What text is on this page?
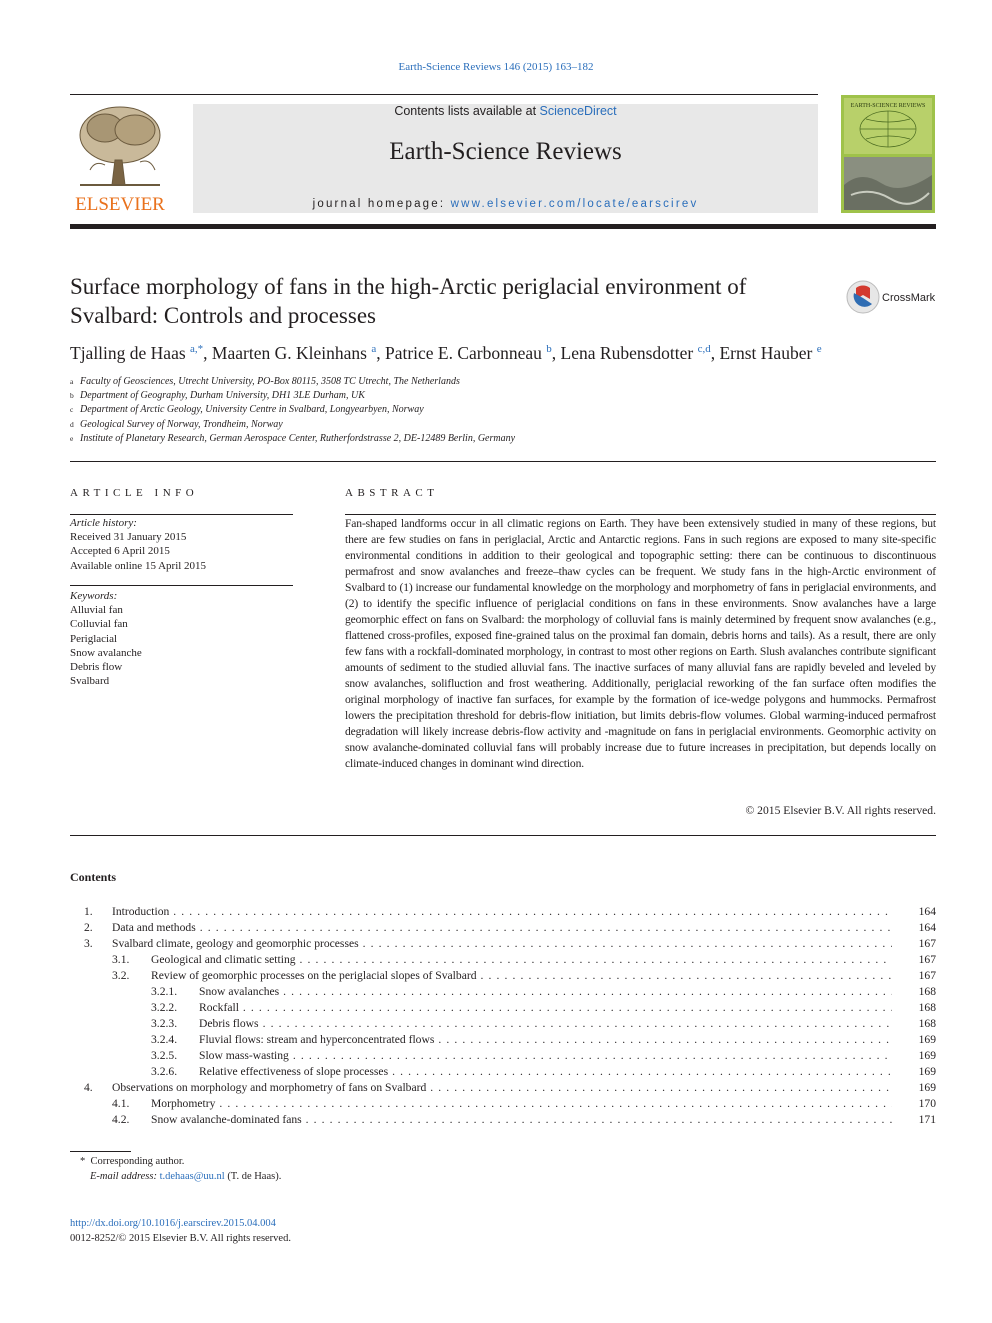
Earth-Science Reviews 146 (2015) 163–182
ELSEVIER
Contents lists available at ScienceDirect
Earth-Science Reviews
journal homepage: www.elsevier.com/locate/earscirev
EARTH-SCIENCE REVIEWS
Surface morphology of fans in the high-Arctic periglacial environment of Svalbard: Controls and processes
CrossMark
Tjalling de Haas $^{a,*}$, Maarten G. Kleinhans $^a$, Patrice E. Carbonneau $^b$, Lena Rubensdotter $^{c,d}$, Ernst Hauber $^e$
a Faculty of Geosciences, Utrecht University, PO-Box 80115, 3508 TC Utrecht, The Netherlands
b Department of Geography, Durham University, DH1 3LE Durham, UK
c Department of Arctic Geology, University Centre in Svalbard, Longyearbyen, Norway
d Geological Survey of Norway, Trondheim, Norway
e Institute of Planetary Research, German Aerospace Center, Rutherfordstrasse 2, DE-12489 Berlin, Germany
ARTICLE INFO
Article history:
Received 31 January 2015
Accepted 6 April 2015
Available online 15 April 2015
Keywords:
Alluvial fan
Colluvial fan
Periglacial
Snow avalanche
Debris flow
Svalbard
ABSTRACT
Fan-shaped landforms occur in all climatic regions on Earth. They have been extensively studied in many of these regions, but there are few studies on fans in periglacial, Arctic and Antarctic regions. Fans in such regions are exposed to many site-specific environmental conditions in addition to their geological and topographic setting: there can be continuous to discontinuous permafrost and snow avalanches and freeze–thaw cycles can be frequent. We study fans in the high-Arctic environment of Svalbard to (1) increase our fundamental knowledge on the morphology and morphometry of fans in periglacial environments, and (2) to identify the specific influence of periglacial conditions on fans in these environments. Snow avalanches have a large geomorphic effect on fans on Svalbard: the morphology of colluvial fans is mainly determined by frequent snow avalanches (e.g., flattened cross-profiles, exposed fine-grained talus on the proximal fan domain, debris horns and tails). As a result, there are only few fans with a rockfall-dominated morphology, in contrast to most other regions on Earth. Slush avalanches contribute significant amounts of sediment to the studied alluvial fans. The inactive surfaces of many alluvial fans are rapidly beveled and leveled by snow avalanches, solifluction and frost weathering. Additionally, periglacial reworking of the fan surface often modifies the original morphology of inactive fan surfaces, for example by the formation of ice-wedge polygons and hummocks. Permafrost lowers the precipitation threshold for debris-flow initiation, but limits debris-flow volumes. Global warming-induced permafrost degradation will likely increase debris-flow activity and -magnitude on fans in periglacial environments. Geomorphic activity on snow avalanche-dominated colluvial fans will probably increase due to future increases in precipitation, but depends locally on climate-induced changes in dominant wind direction.
© 2015 Elsevier B.V. All rights reserved.
Contents
1. Introduction . . .	164
2. Data and methods . . .	164
3. Svalbard climate, geology and geomorphic processes . . .	167
3.1. Geological and climatic setting . . .	167
3.2. Review of geomorphic processes on the periglacial slopes of Svalbard . . .	167
3.2.1. Snow avalanches . . .	168
3.2.2. Rockfall . . .	168
3.2.3. Debris flows . . .	168
3.2.4. Fluvial flows: stream and hyperconcentrated flows . . .	169
3.2.5. Slow mass-wasting . . .	169
3.2.6. Relative effectiveness of slope processes . . .	169
4. Observations on morphology and morphometry of fans on Svalbard . . .	169
4.1. Morphometry . . .	170
4.2. Snow avalanche-dominated fans . . .	171
* Corresponding author.
E-mail address: t.dehaas@uu.nl (T. de Haas).
http://dx.doi.org/10.1016/j.earscirev.2015.04.004
0012-8252/© 2015 Elsevier B.V. All rights reserved.
